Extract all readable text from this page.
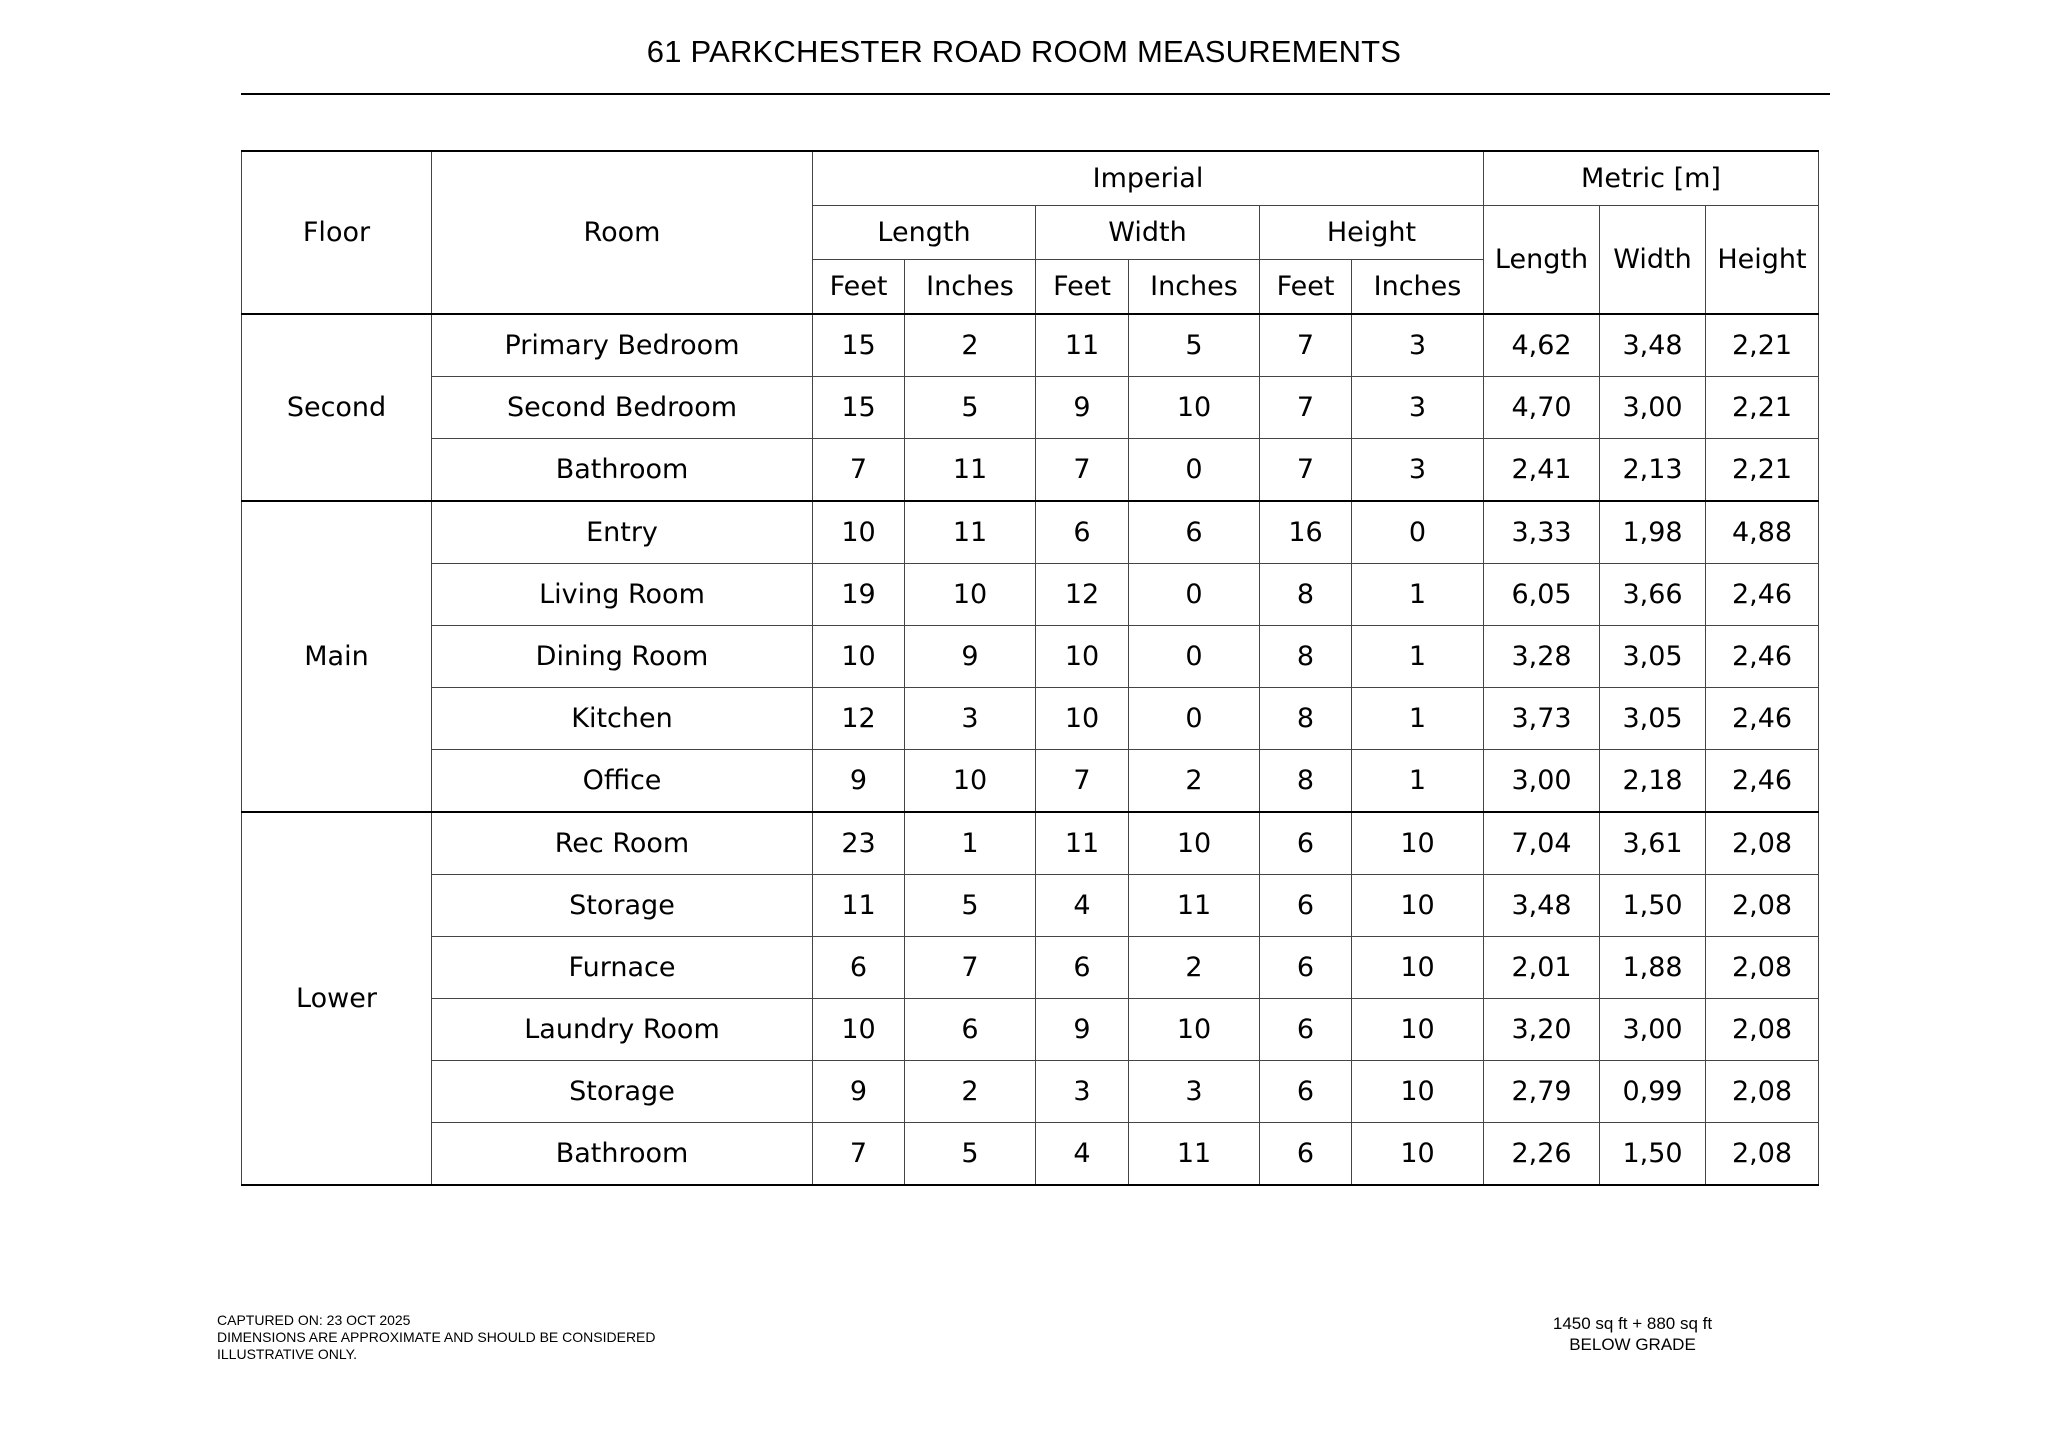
61 PARKCHESTER ROAD ROOM MEASUREMENTS
Floor	Room	Imperial						Metric [m]		
		Length		Width		Height		Length	Width	Height
		Feet	Inches	Feet	Inches	Feet	Inches			
Second	Primary Bedroom	15	2	11	5	7	3	4,62	3,48	2,21
	Second Bedroom	15	5	9	10	7	3	4,70	3,00	2,21
	Bathroom	7	11	7	0	7	3	2,41	2,13	2,21
Main	Entry	10	11	6	6	16	0	3,33	1,98	4,88
	Living Room	19	10	12	0	8	1	6,05	3,66	2,46
	Dining Room	10	9	10	0	8	1	3,28	3,05	2,46
	Kitchen	12	3	10	0	8	1	3,73	3,05	2,46
	Office	9	10	7	2	8	1	3,00	2,18	2,46
Lower	Rec Room	23	1	11	10	6	10	7,04	3,61	2,08
	Storage	11	5	4	11	6	10	3,48	1,50	2,08
	Furnace	6	7	6	2	6	10	2,01	1,88	2,08
	Laundry Room	10	6	9	10	6	10	3,20	3,00	2,08
	Storage	9	2	3	3	6	10	2,79	0,99	2,08
	Bathroom	7	5	4	11	6	10	2,26	1,50	2,08
CAPTURED ON: 23 OCT 2025
DIMENSIONS ARE APPROXIMATE AND SHOULD BE CONSIDERED
ILLUSTRATIVE ONLY.
1450 sq ft + 880 sq ft
BELOW GRADE
